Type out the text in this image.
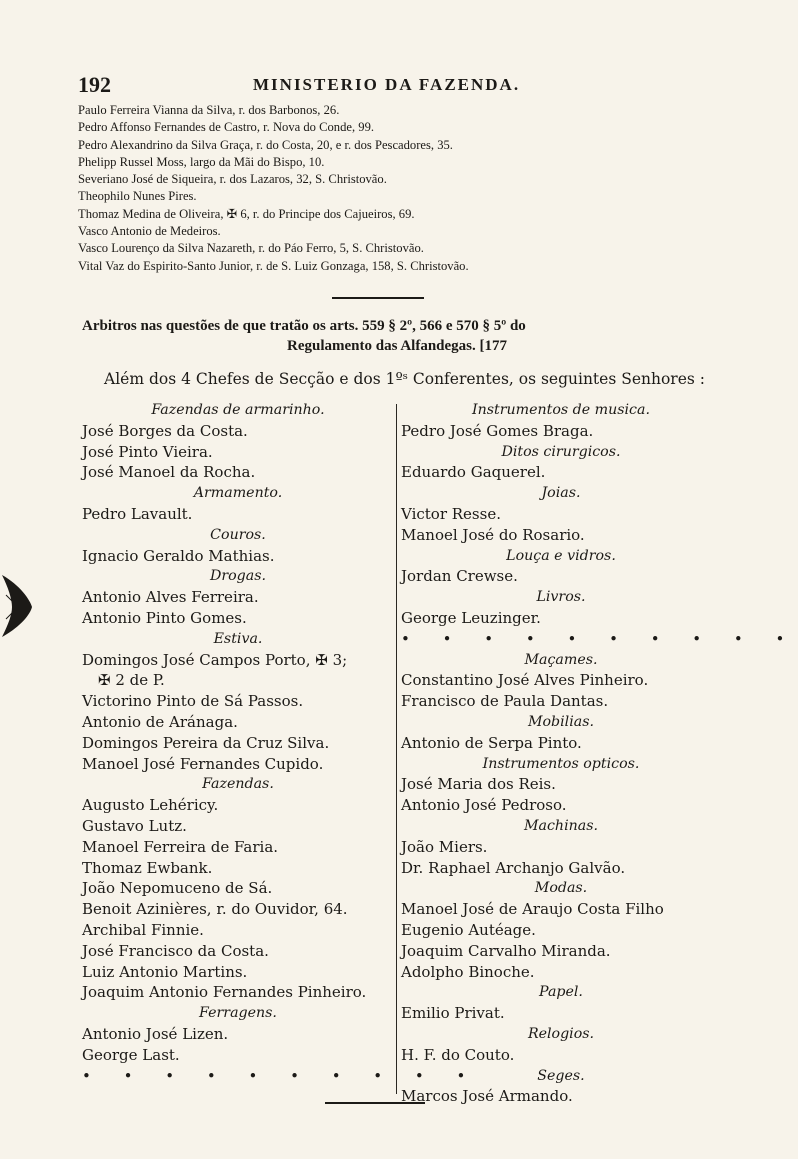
192	MINISTERIO DA FAZENDA.
Paulo Ferreira Vianna da Silva, r. dos Barbonos, 26.
Pedro Affonso Fernandes de Castro, r. Nova do Conde, 99.
Pedro Alexandrino da Silva Graça, r. do Costa, 20, e r. dos Pescadores, 35.
Phelipp Russel Moss, largo da Mãi do Bispo, 10.
Severiano José de Siqueira, r. dos Lazaros, 32, S. Christovão.
Theophilo Nunes Pires.
Thomaz Medina de Oliveira, ✠ 6, r. do Principe dos Cajueiros, 69.
Vasco Antonio de Medeiros.
Vasco Lourenço da Silva Nazareth, r. do Páo Ferro, 5, S. Christovão.
Vital Vaz do Espirito-Santo Junior, r. de S. Luiz Gonzaga, 158, S. Christovão.
Arbitros nas questões de que tratão os arts. 559 § 2º, 566 e 570 § 5º do
Regulamento das Alfandegas. [177
Além dos 4 Chefes de Secção e dos 1ºˢ Conferentes, os seguintes Senhores :
Fazendas de armarinho.
José Borges da Costa.
José Pinto Vieira.
José Manoel da Rocha.
Armamento.
Pedro Lavault.
Couros.
Ignacio Geraldo Mathias.
Drogas.
Antonio Alves Ferreira.
Antonio Pinto Gomes.
Estiva.
Domingos José Campos Porto, ✠ 3;
✠ 2 de P.
Victorino Pinto de Sá Passos.
Antonio de Aránaga.
Domingos Pereira da Cruz Silva.
Manoel José Fernandes Cupido.
Fazendas.
Augusto Lehéricy.
Gustavo Lutz.
Manoel Ferreira de Faria.
Thomaz Ewbank.
João Nepomuceno de Sá.
Benoit Azinières, r. do Ouvidor, 64.
Archibal Finnie.
José Francisco da Costa.
Luiz Antonio Martins.
Joaquim Antonio Fernandes Pinheiro.
Ferragens.
Antonio José Lizen.
George Last.
• • • • • • • • • •
Instrumentos de musica.
Pedro José Gomes Braga.
Ditos cirurgicos.
Eduardo Gaquerel.
Joias.
Victor Resse.
Manoel José do Rosario.
Louça e vidros.
Jordan Crewse.
Livros.
George Leuzinger.
• • • • • • • • • •
Maçames.
Constantino José Alves Pinheiro.
Francisco de Paula Dantas.
Mobilias.
Antonio de Serpa Pinto.
Instrumentos opticos.
José Maria dos Reis.
Antonio José Pedroso.
Machinas.
João Miers.
Dr. Raphael Archanjo Galvão.
Modas.
Manoel José de Araujo Costa Filho
Eugenio Autéage.
Joaquim Carvalho Miranda.
Adolpho Binoche.
Papel.
Emilio Privat.
Relogios.
H. F. do Couto.
Seges.
Marcos José Armando.
